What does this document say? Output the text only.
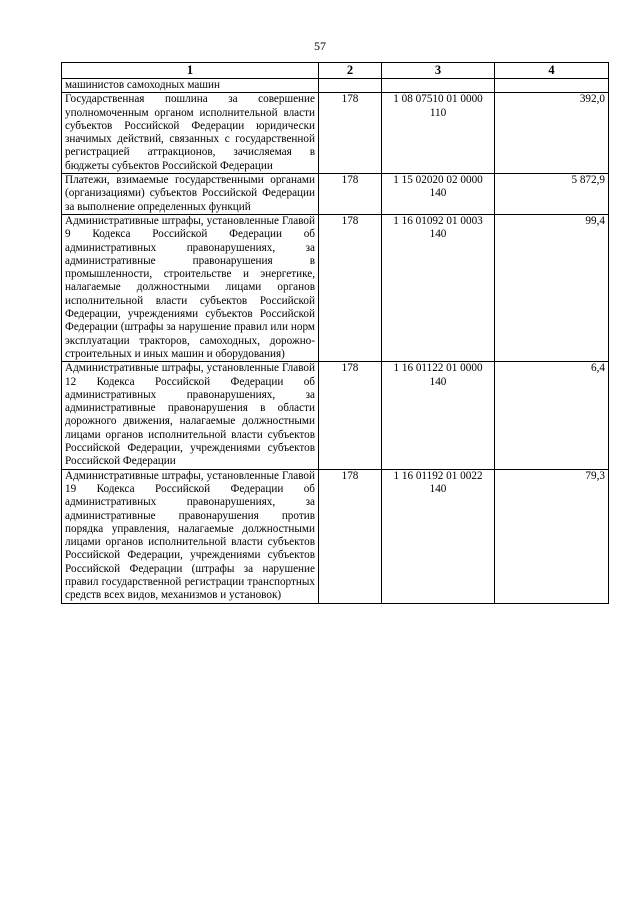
57
1	2	3	4
машинистов самоходных машин		

Государственная пошлина за совершение уполномоченным органом исполнительной власти субъектов Российской Федерации юридически значимых действий, связанных с государственной регистрацией аттракционов, зачисляемая в бюджеты субъектов Российской Федерации	178	1 08 07510 01 0000 110	392,0
Платежи, взимаемые государственными органами (организациями) субъектов Российской Федерации за выполнение определенных функций	178	1 15 02020 02 0000 140	5 872,9
Административные штрафы, установленные Главой 9 Кодекса Российской Федерации об административных правонарушениях, за административные правонарушения в промышленности, строительстве и энергетике, налагаемые должностными лицами органов исполнительной власти субъектов Российской Федерации, учреждениями субъектов Российской Федерации (штрафы за нарушение правил или норм эксплуатации тракторов, самоходных, дорожно-строительных и иных машин и оборудования)	178	1 16 01092 01 0003 140	99,4
Административные штрафы, установленные Главой 12 Кодекса Российской Федерации об административных правонарушениях, за административные правонарушения в области дорожного движения, налагаемые должностными лицами органов исполнительной власти субъектов Российской Федерации, учреждениями субъектов Российской Федерации	178	1 16 01122 01 0000 140	6,4
Административные штрафы, установленные Главой 19 Кодекса Российской Федерации об административных правонарушениях, за административные правонарушения против порядка управления, налагаемые должностными лицами органов исполнительной власти субъектов Российской Федерации, учреждениями субъектов Российской Федерации (штрафы за нарушение правил государственной регистрации транспортных средств всех видов, механизмов и установок)	178	1 16 01192 01 0022 140	79,3
